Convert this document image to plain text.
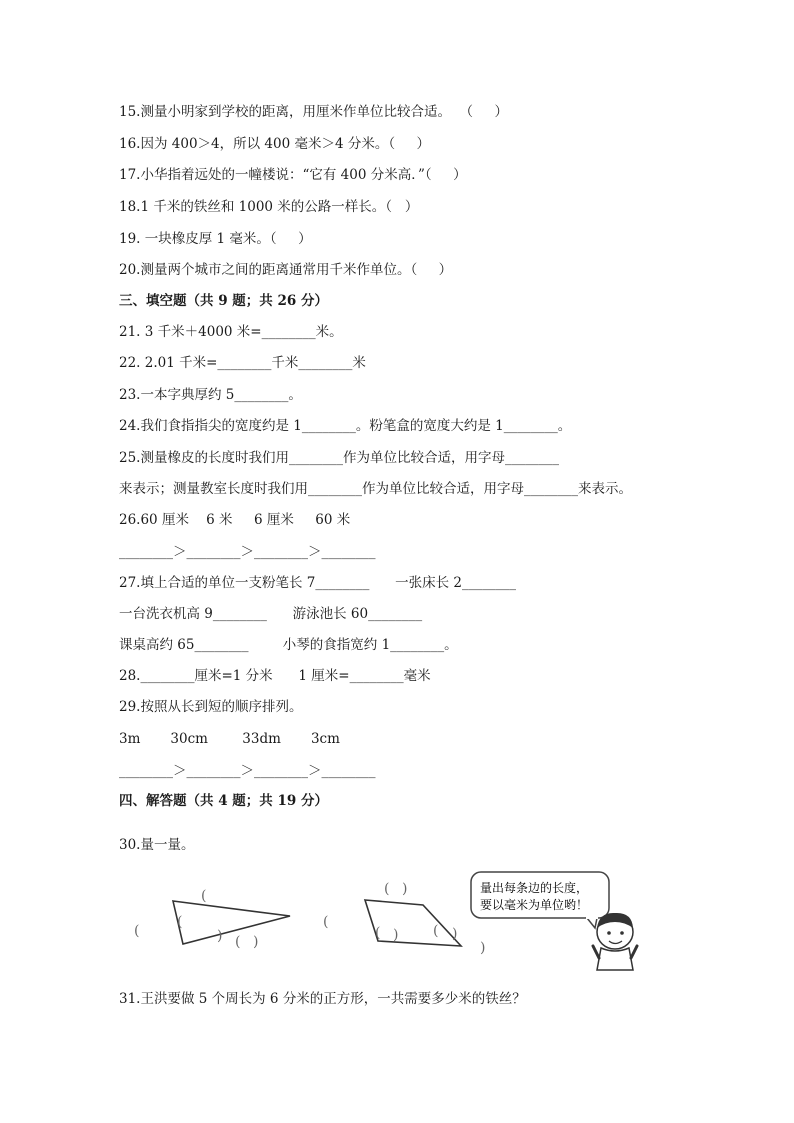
15.测量小明家到学校的距离，用厘米作单位比较合适。  （     ）
16.因为 400＞4，所以 400 毫米＞4 分米。（     ）
17.小华指着远处的一幢楼说：“它有 400 分米高．”（     ）
18.1 千米的铁丝和 1000 米的公路一样长。（   ）
19. 一块橡皮厚 1 毫米。（     ）
20.测量两个城市之间的距离通常用千米作单位。（     ）
三、填空题（共 9 题；共 26 分）
21. 3 千米＋4000 米=________米。
22. 2.01 千米=________千米________米
23.一本字典厚约 5________。
24.我们食指指尖的宽度约是 1________。粉笔盒的宽度大约是 1________。
25.测量橡皮的长度时我们用________作为单位比较合适，用字母________
来表示；测量教室长度时我们用________作为单位比较合适，用字母________来表示。
26.60 厘米    6 米     6 厘米     60 米
________＞________＞________＞________
27.填上合适的单位一支粉笔长 7________      一张床长 2________
一台洗衣机高 9________      游泳池长 60________
课桌高约 65________        小琴的食指宽约 1________。
28.________厘米=1 分米      1 厘米=________毫米
29.按照从长到短的顺序排列。
3m       30cm        33dm       3cm
________＞________＞________＞________
四、解答题（共 4 题；共 19 分）
30.量一量。
(
(
(	) ( )
(
( )
( ) ( )
)
量出每条边的长度，
要以毫米为单位哟！
31.王洪要做 5 个周长为 6 分米的正方形，一共需要多少米的铁丝？
